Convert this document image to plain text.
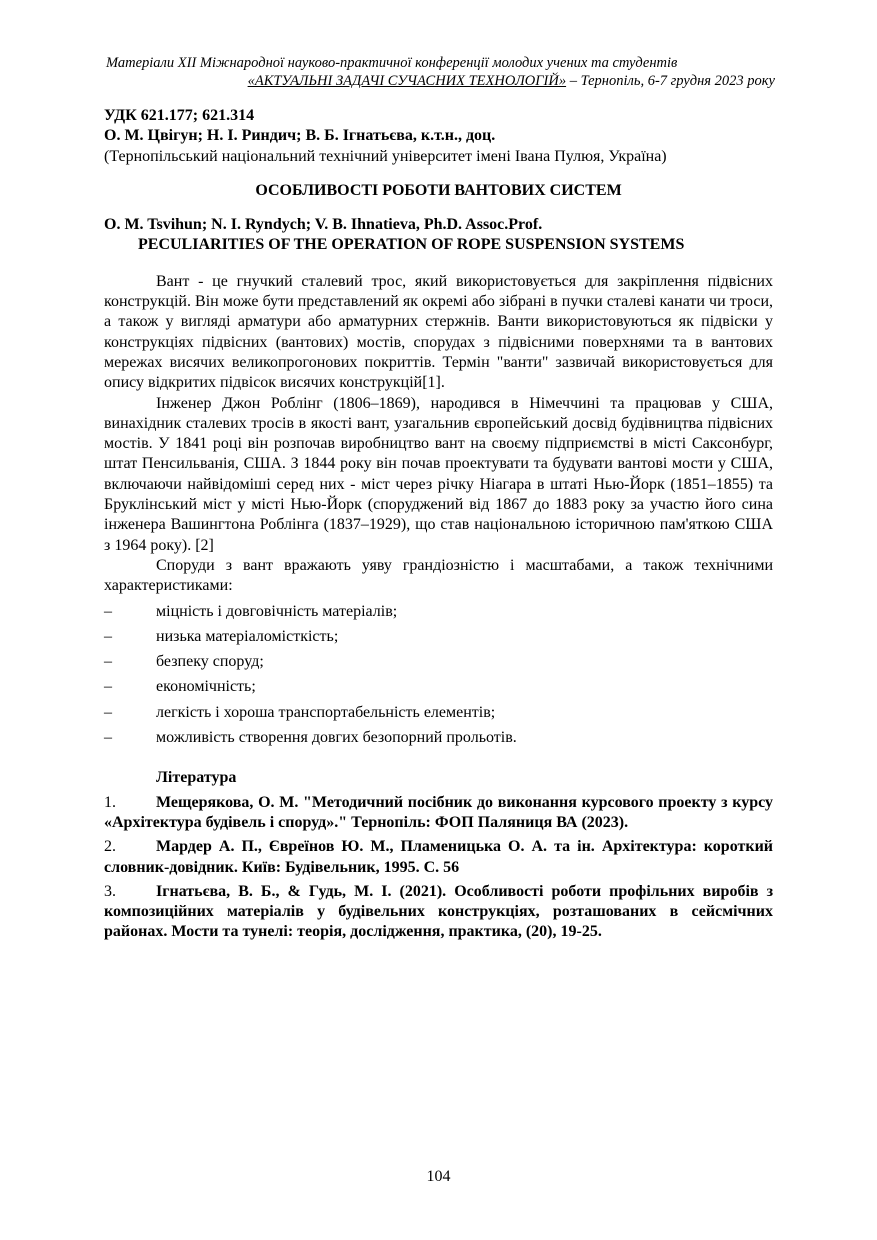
Матеріали XII Міжнародної науково-практичної конференції молодих учених та студентів
«АКТУАЛЬНІ ЗАДАЧІ СУЧАСНИХ ТЕХНОЛОГІЙ» – Тернопіль, 6-7 грудня 2023 року

УДК 621.177; 621.314

О. М. Цвігун; Н. І. Риндич; В. Б. Ігнатьєва, к.т.н., доц.

(Тернопільський національний технічний університет імені Івана Пулюя, Україна)

ОСОБЛИВОСТІ РОБОТИ ВАНТОВИХ СИСТЕМ

O. M. Tsvihun; N. I. Ryndych; V. B. Ihnatieva, Ph.D. Assoc.Prof.

PECULIARITIES OF THE OPERATION OF ROPE SUSPENSION SYSTEMS

Вант - це гнучкий сталевий трос, який використовується для закріплення підвісних конструкцій. Він може бути представлений як окремі або зібрані в пучки сталеві канати чи троси, а також у вигляді арматури або арматурних стержнів. Ванти використовуються як підвіски у конструкціях підвісних (вантових) мостів, спорудах з підвісними поверхнями та в вантових мережах висячих великопрогонових покриттів. Термін "ванти" зазвичай використовується для опису відкритих підвісок висячих конструкцій[1].

Інженер Джон Роблінг (1806–1869), народився в Німеччині та працював у США, винахідник сталевих тросів в якості вант, узагальнив європейський досвід будівництва підвісних мостів. У 1841 році він розпочав виробництво вант на своєму підприємстві в місті Саксонбург, штат Пенсильванія, США. З 1844 року він почав проектувати та будувати вантові мости у США, включаючи найвідоміші серед них - міст через річку Ніагара в штаті Нью-Йорк (1851–1855) та Бруклінський міст у місті Нью-Йорк (споруджений від 1867 до 1883 року за участю його сина інженера Вашингтона Роблінга (1837–1929), що став національною історичною пам'яткою США з 1964 року). [2]

Споруди з вант вражають уяву грандіозністю і масштабами, а також технічними характеристиками:

–	міцність і довговічність матеріалів;
–	низька матеріаломісткість;
–	безпеку споруд;
–	економічність;
–	легкість і хороша транспортабельність елементів;
–	можливість створення довгих безопорний прольотів.

Література

1.	Мещерякова, О. М. "Методичний посібник до виконання курсового проекту з курсу «Архітектура будівель і споруд»." Тернопіль: ФОП Паляниця ВА (2023).

2.	Мардер А. П., Євреїнов Ю. М., Пламеницька О. А. та ін. Архітектура: короткий словник-довідник. Київ: Будівельник, 1995. С. 56

3.	Ігнатьєва, В. Б., & Гудь, М. І. (2021). Особливості роботи профільних виробів з композиційних матеріалів у будівельних конструкціях, розташованих в сейсмічних районах. Мости та тунелі: теорія, дослідження, практика, (20), 19-25.

104
